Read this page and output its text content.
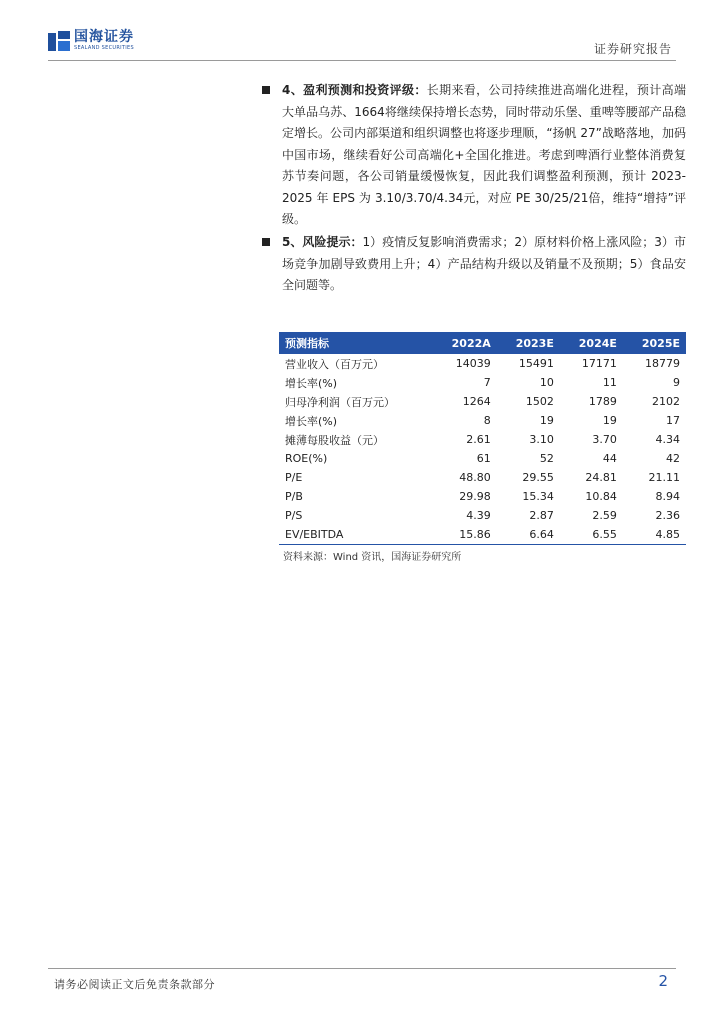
国海证券
SEALAND SECURITIES	证券研究报告
4、盈利预测和投资评级：长期来看，公司持续推进高端化进程，预计高端大单品乌苏、1664将继续保持增长态势，同时带动乐堡、重啤等腰部产品稳定增长。公司内部渠道和组织调整也将逐步理顺，“扬帆 27”战略落地，加码中国市场，继续看好公司高端化+全国化推进。考虑到啤酒行业整体消费复苏节奏问题，各公司销量缓慢恢复，因此我们调整盈利预测，预计 2023-2025 年 EPS 为 3.10/3.70/4.34元，对应 PE 30/25/21倍，维持“增持”评级。
5、风险提示：1）疫情反复影响消费需求；2）原材料价格上涨风险；3）市场竞争加剧导致费用上升；4）产品结构升级以及销量不及预期；5）食品安全问题等。
预测指标	2022A	2023E	2024E	2025E
营业收入（百万元）	14039	15491	17171	18779
增长率(%)	7	10	11	9
归母净利润（百万元）	1264	1502	1789	2102
增长率(%)	8	19	19	17
摊薄每股收益（元）	2.61	3.10	3.70	4.34
ROE(%)	61	52	44	42
P/E	48.80	29.55	24.81	21.11
P/B	29.98	15.34	10.84	8.94
P/S	4.39	2.87	2.59	2.36
EV/EBITDA	15.86	6.64	6.55	4.85
资料来源：Wind 资讯，国海证券研究所
请务必阅读正文后免责条款部分	2
